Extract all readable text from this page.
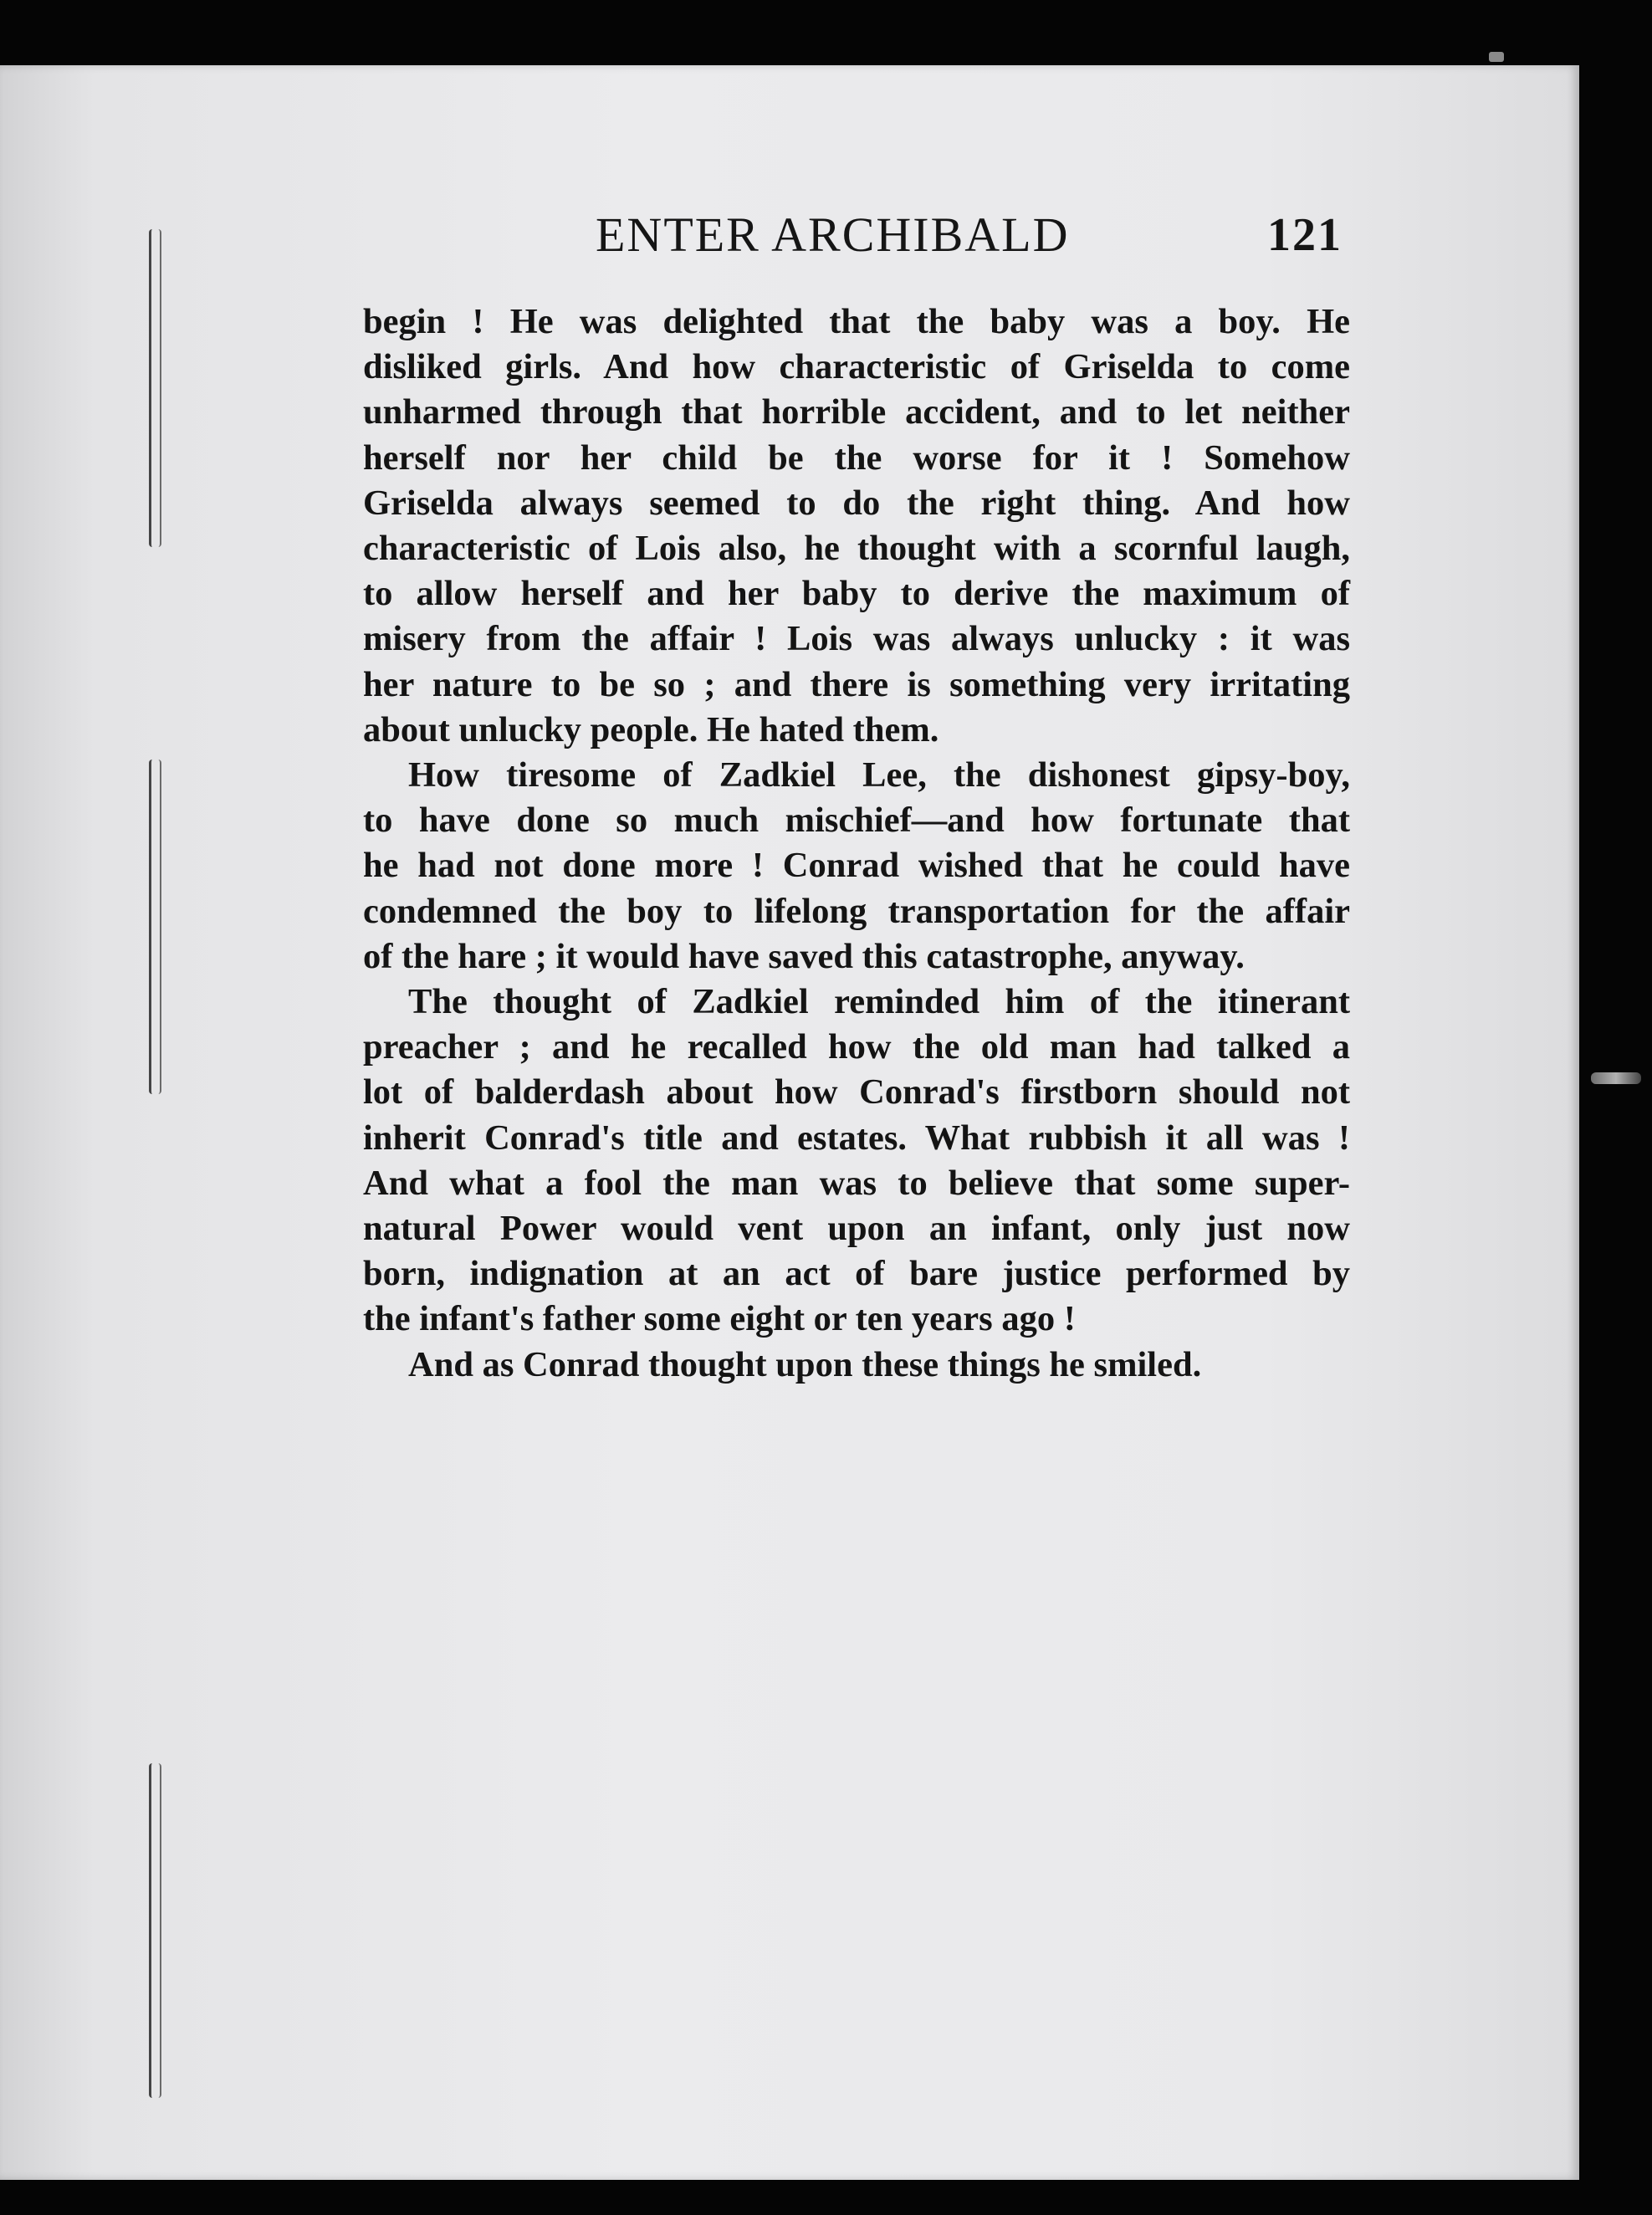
ENTER ARCHIBALD	121
begin ! He was delighted that the baby was a boy. He
disliked girls. And how characteristic of Griselda to come
unharmed through that horrible accident, and to let neither
herself nor her child be the worse for it ! Somehow
Griselda always seemed to do the right thing. And how
characteristic of Lois also, he thought with a scornful laugh,
to allow herself and her baby to derive the maximum of
misery from the affair ! Lois was always unlucky : it was
her nature to be so ; and there is something very irritating
about unlucky people. He hated them.
How tiresome of Zadkiel Lee, the dishonest gipsy-boy,
to have done so much mischief—and how fortunate that
he had not done more ! Conrad wished that he could have
condemned the boy to lifelong transportation for the affair
of the hare ; it would have saved this catastrophe, anyway.
The thought of Zadkiel reminded him of the itinerant
preacher ; and he recalled how the old man had talked a
lot of balderdash about how Conrad's firstborn should not
inherit Conrad's title and estates. What rubbish it all was !
And what a fool the man was to believe that some super-
natural Power would vent upon an infant, only just now
born, indignation at an act of bare justice performed by
the infant's father some eight or ten years ago !
And as Conrad thought upon these things he smiled.
